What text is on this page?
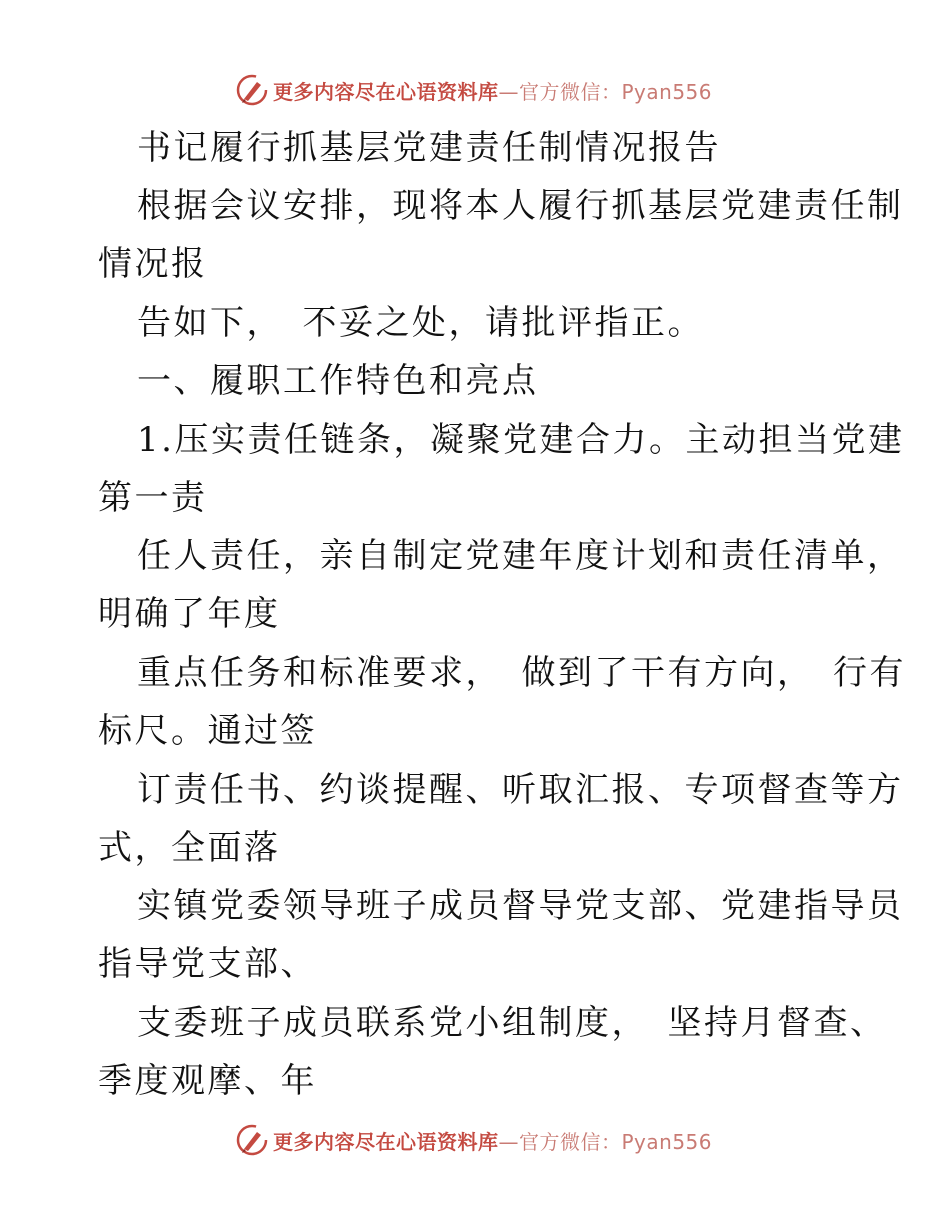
更多内容尽在心语资料库—官方微信：Pyan556
书记履行抓基层党建责任制情况报告
根据会议安排，现将本人履行抓基层党建责任制
情况报
告如下，　不妥之处，请批评指正。
一、履职工作特色和亮点
1.压实责任链条，凝聚党建合力。主动担当党建
第一责
任人责任，亲自制定党建年度计划和责任清单，
明确了年度
重点任务和标准要求，　做到了干有方向，　行有
标尺。通过签
订责任书、约谈提醒、听取汇报、专项督查等方
式，全面落
实镇党委领导班子成员督导党支部、党建指导员
指导党支部、
支委班子成员联系党小组制度，　坚持月督查、
季度观摩、年
更多内容尽在心语资料库—官方微信：Pyan556
